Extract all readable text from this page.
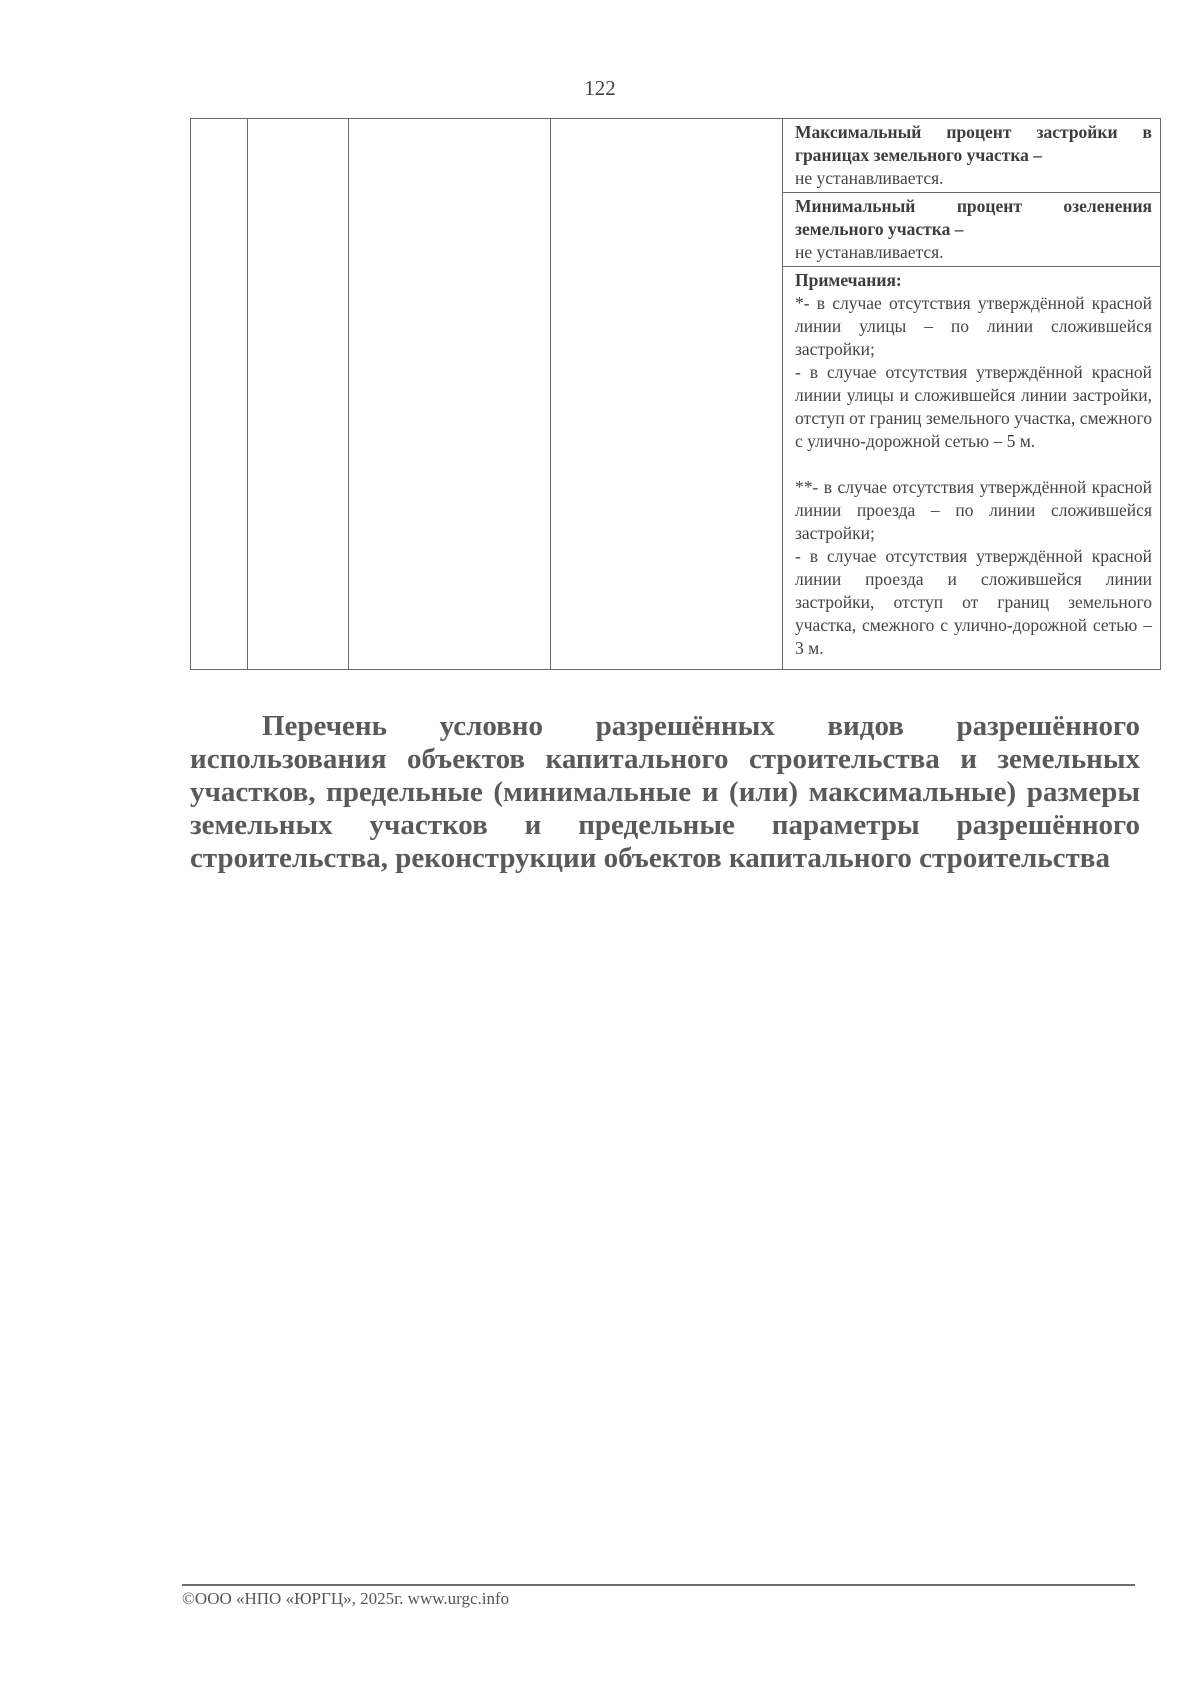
122

Максимальный процент застройки в границах земельного участка –
не устанавливается.

Минимальный процент озеленения земельного участка –
не устанавливается.

Примечания:
*- в случае отсутствия утверждённой красной линии улицы – по линии сложившейся застройки;
- в случае отсутствия утверждённой красной линии улицы и сложившейся линии застройки, отступ от границ земельного участка, смежного с улично-дорожной сетью – 5 м.
**- в случае отсутствия утверждённой красной линии проезда – по линии сложившейся застройки;
- в случае отсутствия утверждённой красной линии проезда и сложившейся линии застройки, отступ от границ земельного участка, смежного с улично-дорожной сетью – 3 м.
Перечень условно разрешённых видов разрешённого использования объектов капитального строительства и земельных участков, предельные (минимальные и (или) максимальные) размеры земельных участков и предельные параметры разрешённого строительства, реконструкции объектов капитального строительства
©ООО «НПО «ЮРГЦ», 2025г. www.urgc.info
